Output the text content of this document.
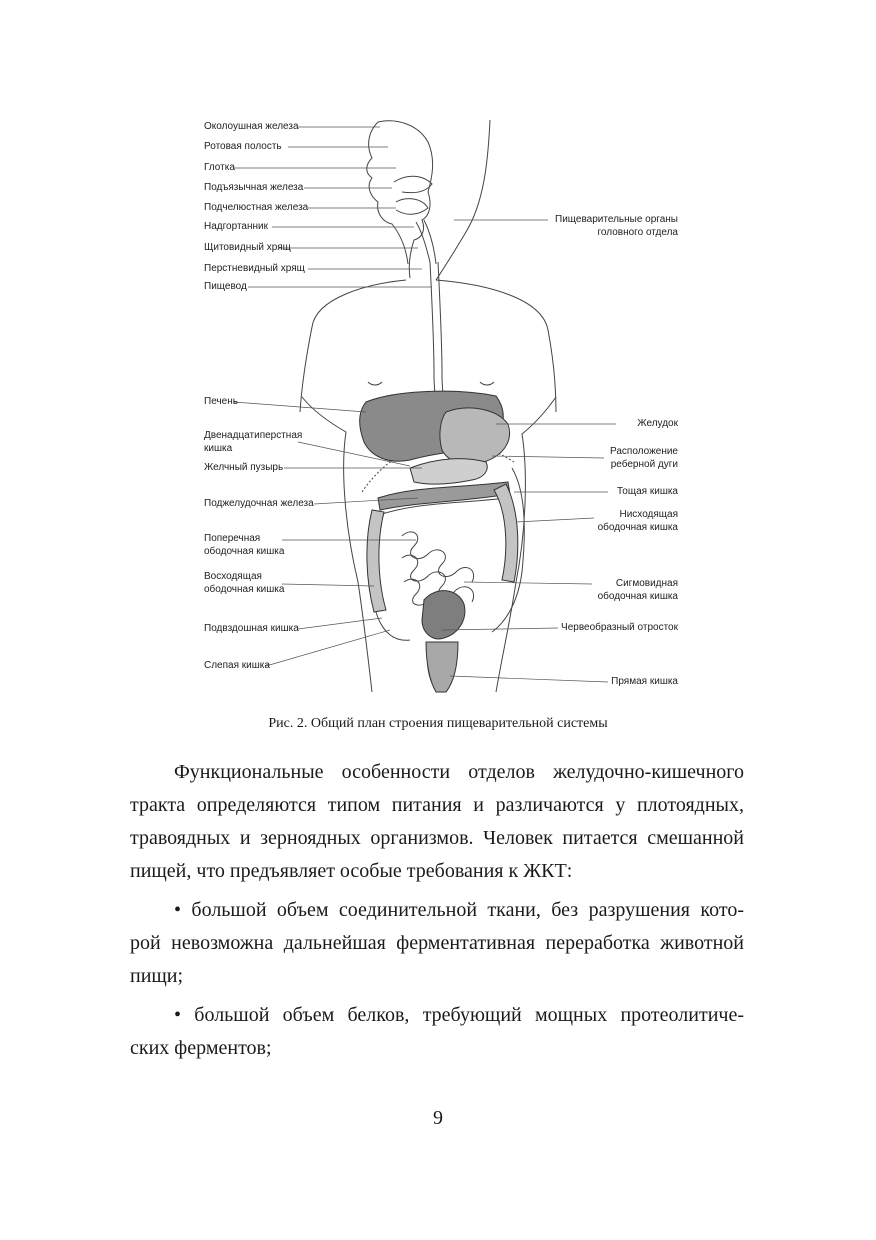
Околоушная железа
Ротовая полость
Глотка
Подъязычная железа
Подчелюстная железа
Надгортанник
Щитовидный хрящ
Перстневидный хрящ
Пищевод
Печень
Двенадцатиперстная
кишка
Желчный пузырь
Поджелудочная железа
Поперечная
ободочная кишка
Восходящая
ободочная кишка
Подвздошная кишка
Слепая кишка
Пищеварительные органы
головного отдела
Желудок
Расположение
реберной дуги
Тощая кишка
Нисходящая
ободочная кишка
Сигмовидная
ободочная кишка
Червеобразный отросток
Прямая кишка
Рис. 2. Общий план строения пищеварительной системы

Функциональные особенности отделов желудочно-кишечного
тракта определяются типом питания и различаются у плотоядных,
травоядных и зерноядных организмов. Человек питается смешанной
пищей, что предъявляет особые требования к ЖКТ:

• большой объем соединительной ткани, без разрушения кото-
рой невозможна дальнейшая ферментативная переработка животной
пищи;

• большой объем белков, требующий мощных протеолитиче-
ских ферментов;

9
